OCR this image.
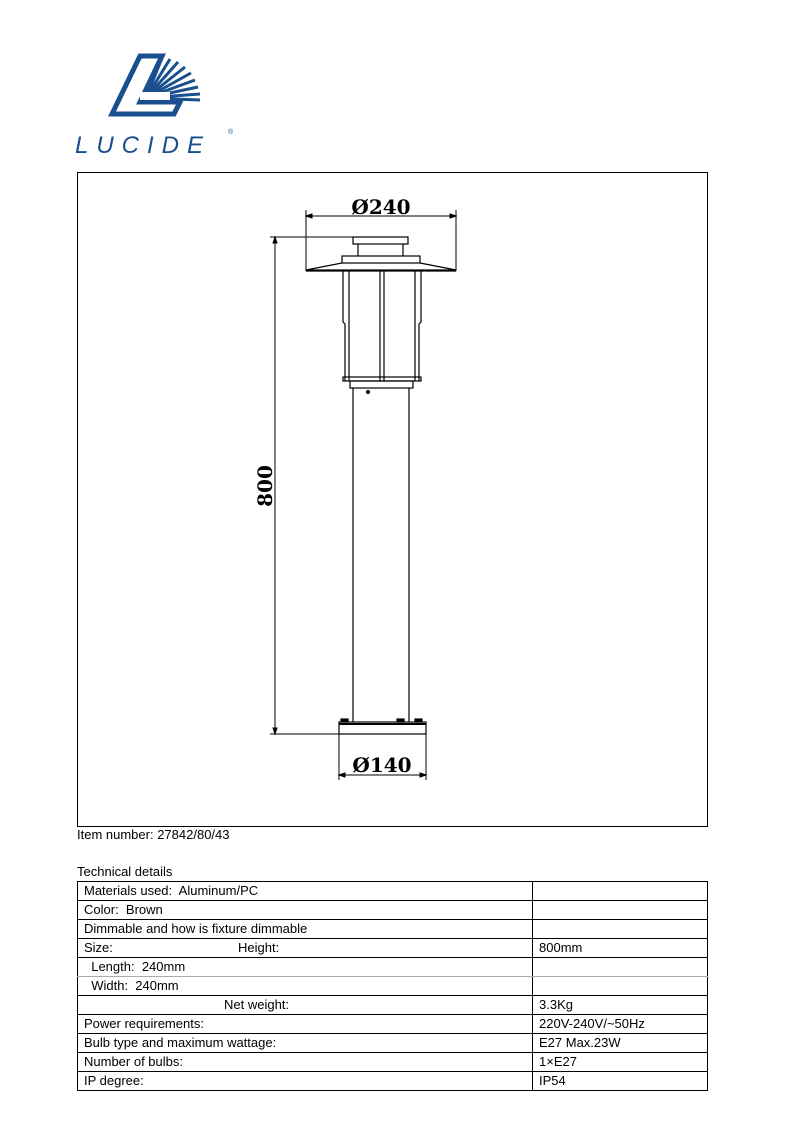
LUCIDE ®
Ø240
800
Ø140
Item number: 27842/80/43
Technical details
Materials used:  Aluminum/PC	
Color:  Brown	
Dimmable and how is fixture dimmable	
Size: Height:	800mm
Length:  240mm	
Width:  240mm	
Net weight:	3.3Kg
Power requirements:	220V-240V/~50Hz
Bulb type and maximum wattage:	E27 Max.23W
Number of bulbs:	1×E27
IP degree:	IP54
